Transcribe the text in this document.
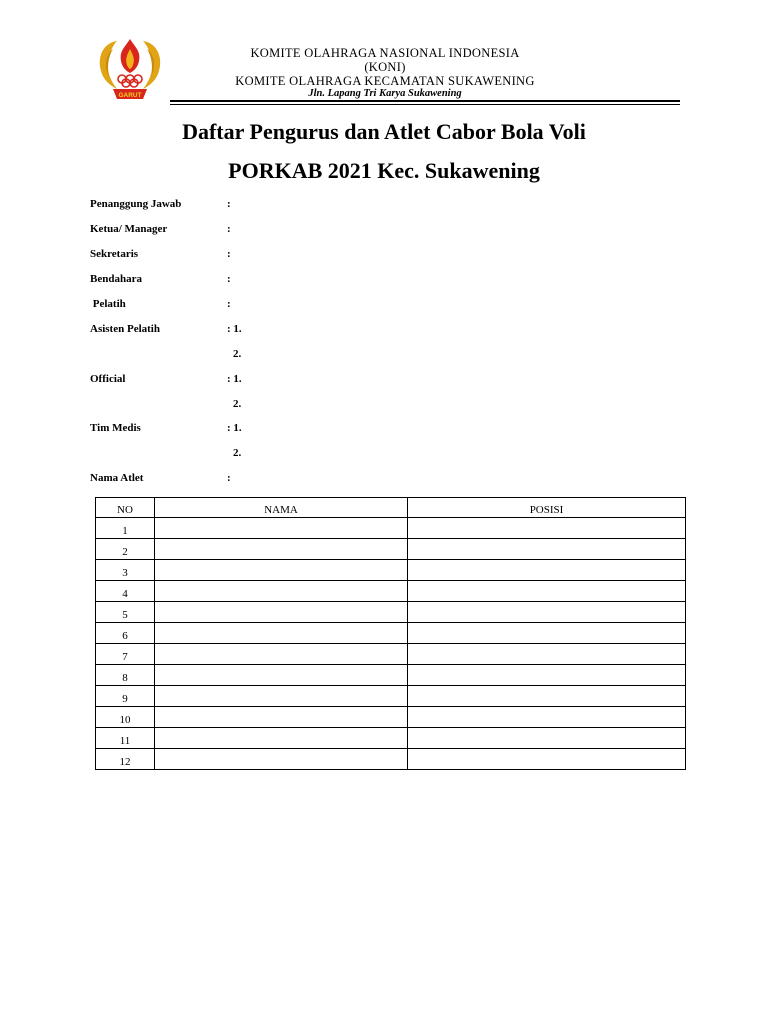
GARUT
KOMITE OLAHRAGA NASIONAL INDONESIA
(KONI)
KOMITE OLAHRAGA KECAMATAN SUKAWENING
Jln. Lapang Tri Karya Sukawening
Daftar Pengurus dan Atlet Cabor Bola Voli
PORKAB 2021 Kec. Sukawening
Penanggung Jawab	:
Ketua/ Manager	:
Sekretaris	:
Bendahara	:
Pelatih	:
Asisten Pelatih	: 1.
2.
Official	: 1.
2.
Tim Medis	: 1.
2.
Nama Atlet	:
NO	NAMA	POSISI
1		
2		
3		
4		
5		
6		
7		
8		
9		
10		
11		
12		
